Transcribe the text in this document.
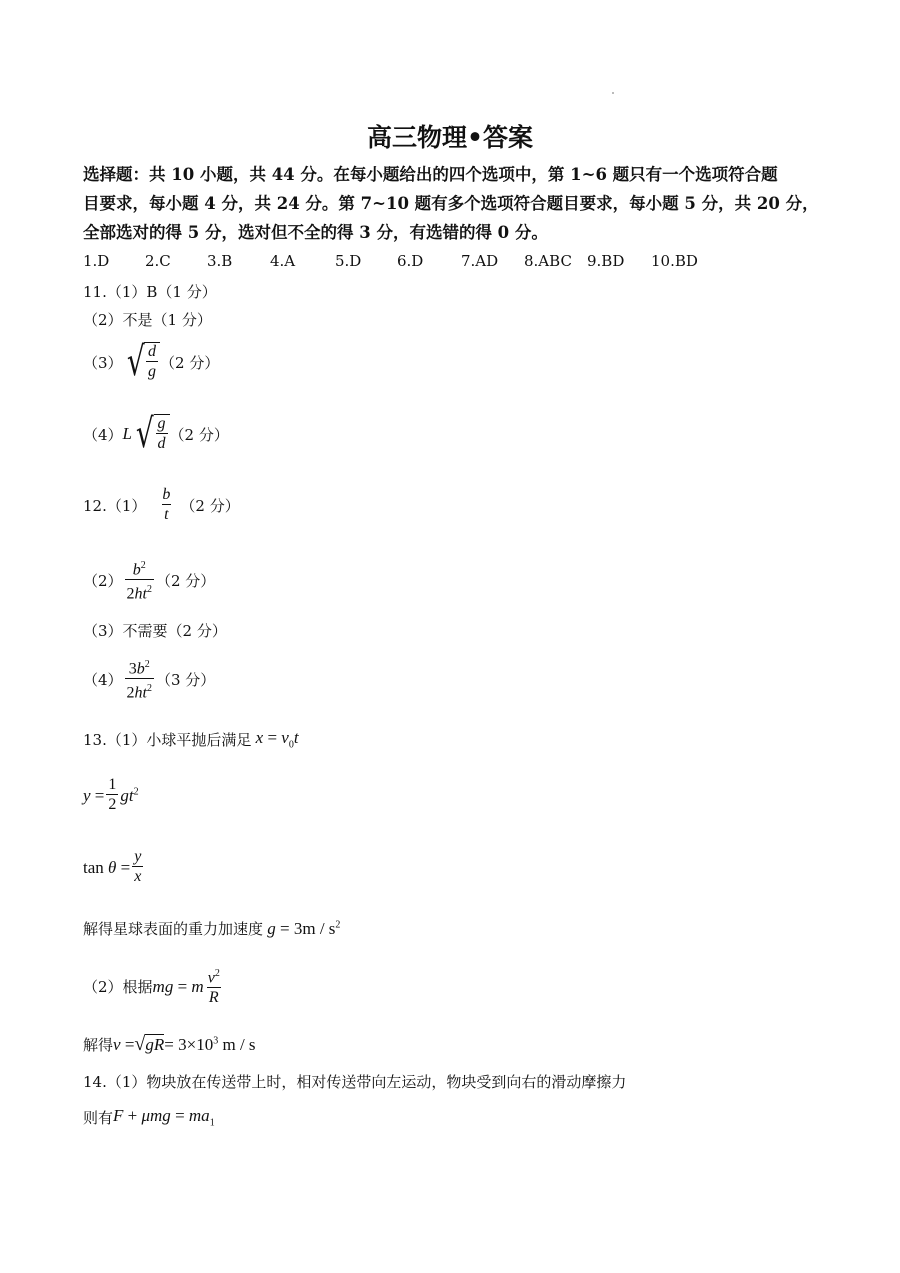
高三物理•答案
选择题：共 10 小题，共 44 分。在每小题给出的四个选项中，第 1~6 题只有一个选项符合题
目要求，每小题 4 分，共 24 分。第 7~10 题有多个选项符合题目要求，每小题 5 分，共 20 分，
全部选对的得 5 分，选对但不全的得 3 分，有选错的得 0 分。
1.D 2.C 3.B	4.A	5.D 6.D	7.AD 8.ABC 9.BD 10.BD
11.（1）B（1 分）
（2）不是（1 分）
（3） √ $\frac{d}{g} (2$ 分）
（4） L √ $\frac{g}{d} (2$ 分）
$12.(1) \frac{b}{t} (2$ 分）
$(2) \frac{b^2}{2ht^2} (2$ 分）
（3）不需要（2 分）
$(4) \frac{3b^2}{2ht^2} (3$ 分）
13.（1）小球平抛后满足 $x = v_0t$
$y = \frac{1}{2} gt^2$
$\tan \theta = \frac{y}{x}$
解得星球表面的重力加速度 $g = 3m / s^2$
（2）根据 mg = m $\frac{v^2}{R}$
解得 v = √ gR = $3\times 10^3$ m / s
14.（1）物块放在传送带上时，相对传送带向左运动，物块受到向右的滑动摩擦力
则有 $F + \mu mg = ma_1$
